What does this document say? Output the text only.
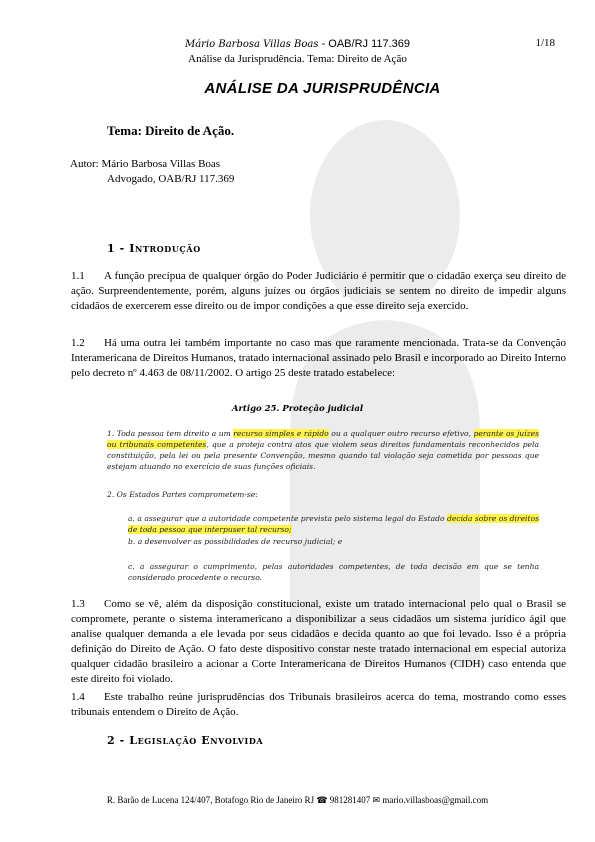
Mário Barbosa Villas Boas - OAB/RJ 117.369
Análise da Jurisprudência. Tema: Direito de Ação
1/18
ANÁLISE DA JURISPRUDÊNCIA
Tema: Direito de Ação.
Autor: Mário Barbosa Villas Boas
Advogado, OAB/RJ 117.369
1 - Introdução
1.1 A função precípua de qualquer órgão do Poder Judiciário é permitir que o cidadão exerça seu direito de ação. Surpreendentemente, porém, alguns juízes ou órgãos judiciais se sentem no direito de impedir alguns cidadãos de exercerem esse direito ou de impor condições a que esse direito seja exercido.
1.2 Há uma outra lei também importante no caso mas que raramente mencionada. Trata-se da Convenção Interamericana de Direitos Humanos, tratado internacional assinado pelo Brasil e incorporado ao Direito Interno pelo decreto nº 4.463 de 08/11/2002. O artigo 25 deste tratado estabelece:
Artigo 25. Proteção judicial
1. Toda pessoa tem direito a um recurso simples e rápido ou a qualquer outro recurso efetivo, perante os juízes ou tribunais competentes, que a proteja contra atos que violem seus direitos fundamentais reconhecidos pela constituição, pela lei ou pela presente Convenção, mesmo quando tal violação seja cometida por pessoas que estejam atuando no exercício de suas funções oficiais.
2. Os Estados Partes comprometem-se:
a. a assegurar que a autoridade competente prevista pelo sistema legal do Estado decida sobre os direitos de toda pessoa que interpuser tal recurso;
b. a desenvolver as possibilidades de recurso judicial; e
c. a assegurar o cumprimento, pelas autoridades competentes, de toda decisão em que se tenha considerado procedente o recurso.
1.3 Como se vê, além da disposição constitucional, existe um tratado internacional pelo qual o Brasil se compromete, perante o sistema interamericano a disponibilizar a seus cidadãos um sistema jurídico ágil que analise qualquer demanda a ele levada por seus cidadãos e decida quanto ao que foi levado. Isso é a própria definição do Direito de Ação. O fato deste dispositivo constar neste tratado internacional em especial autoriza qualquer cidadão brasileiro a acionar a Corte Interamericana de Direitos Humanos (CIDH) caso entenda que este direito foi violado.
1.4 Este trabalho reúne jurisprudências dos Tribunais brasileiros acerca do tema, mostrando como esses tribunais entendem o Direito de Ação.
2 - Legislação Envolvida
R. Barão de Lucena 124/407, Botafogo Rio de Janeiro RJ ☎ 981281407 ✉ mario.villasboas@gmail.com
